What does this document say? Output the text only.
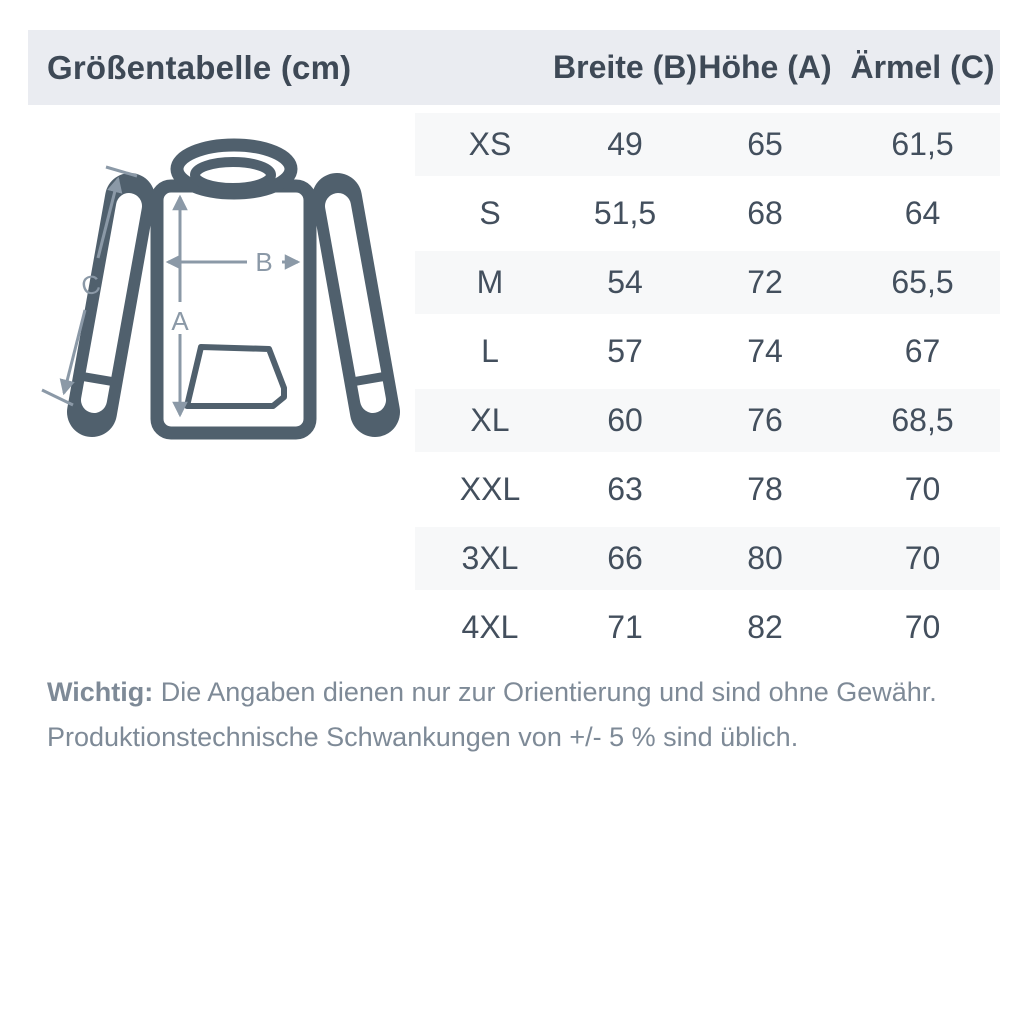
Größentabelle (cm)	Breite (B) Höhe (A) Ärmel (C)
C
B
A
XS	49	65	61,5
S	51,5	68	64
M	54	72	65,5
L	57	74	67
XL	60	76	68,5
XXL	63	78	70
3XL	66	80	70
4XL	71	82	70
Wichtig: Die Angaben dienen nur zur Orientierung und sind ohne Gewähr.
Produktionstechnische Schwankungen von +/- 5 % sind üblich.
